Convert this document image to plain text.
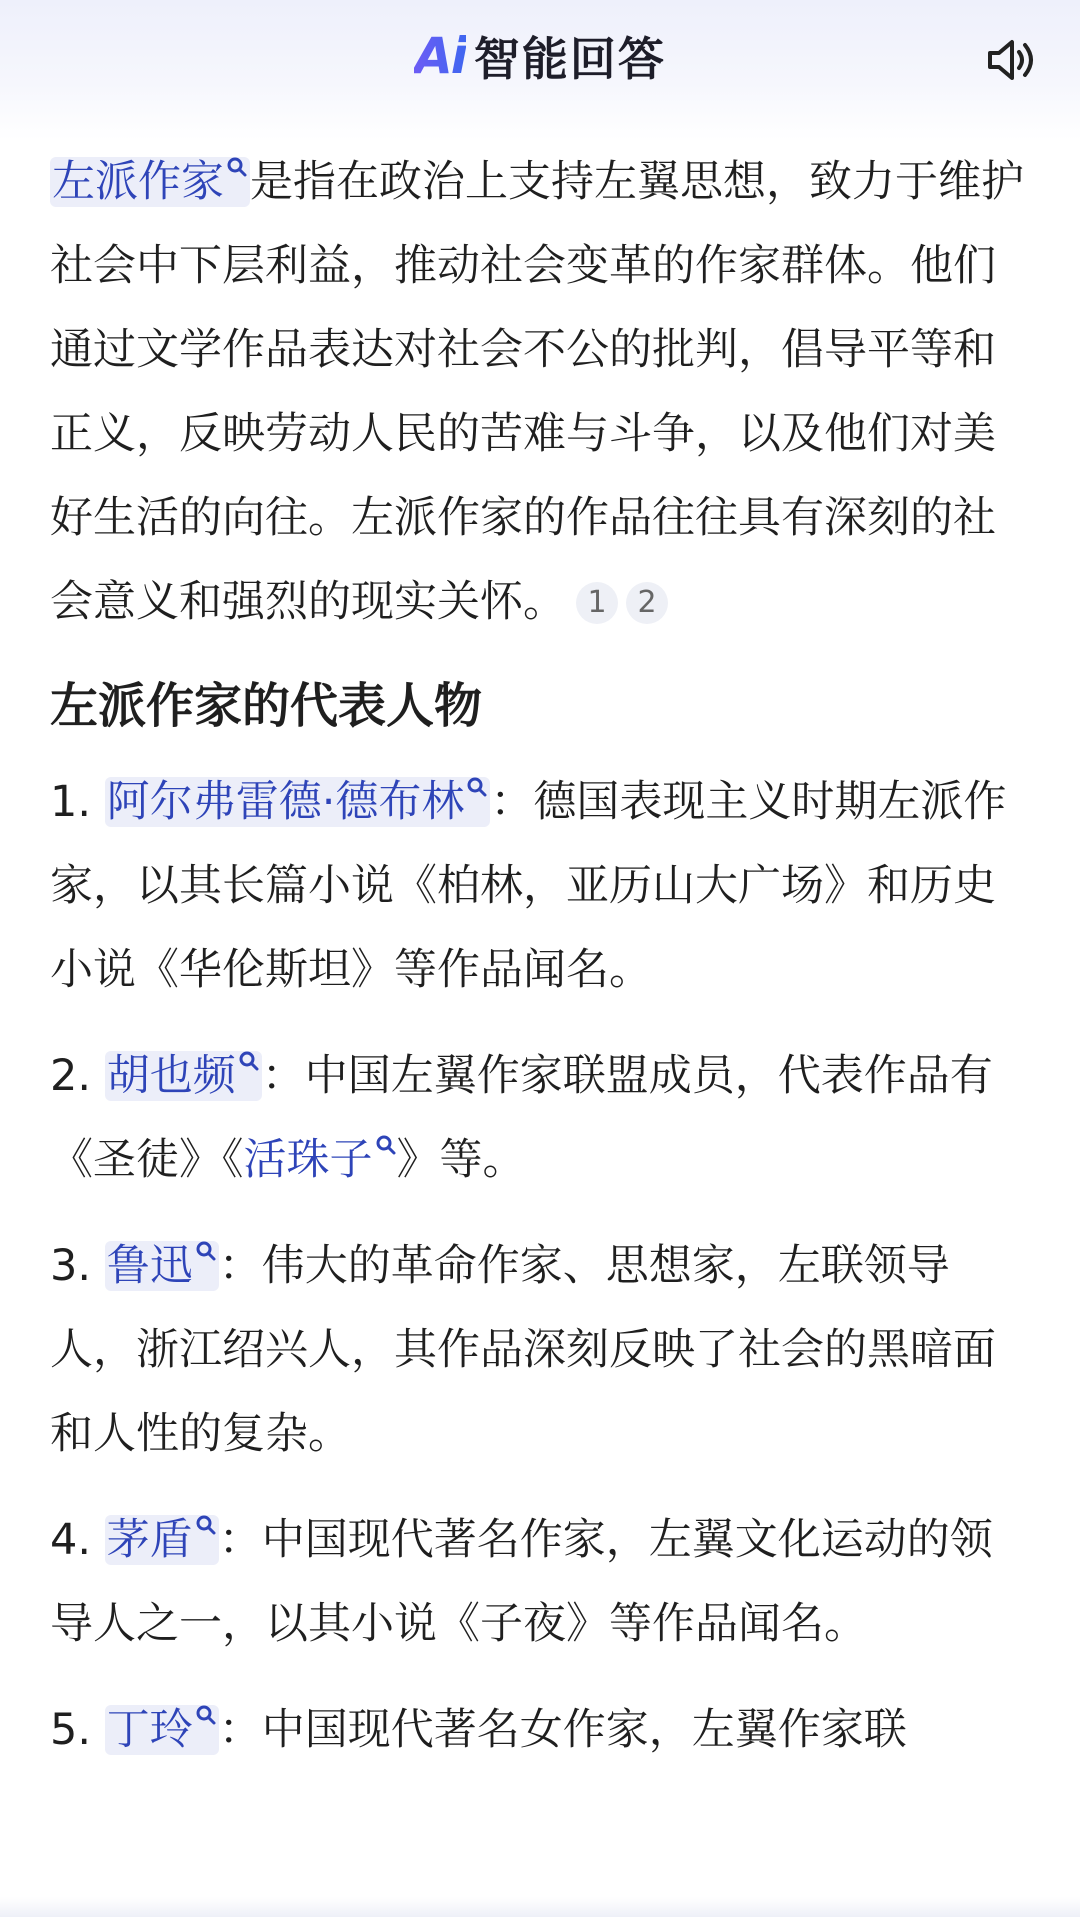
Ai 智能回答

左派作家 是指在政治上支持左翼思想，致力于维护社会中下层利益，推动社会变革的作家群体。他们通过文学作品表达对社会不公的批判，倡导平等和正义，反映劳动人民的苦难与斗争，以及他们对美好生活的向往。左派作家的作品往往具有深刻的社会意义和强烈的现实关怀。 1 2

左派作家的代表人物

1. 阿尔弗雷德·德布林 ：德国表现主义时期左派作家，以其长篇小说《柏林，亚历山大广场》和历史小说《华伦斯坦》等作品闻名。

2. 胡也频 ：中国左翼作家联盟成员，代表作品有《圣徒》《活珠子 》等。

3. 鲁迅 ：伟大的革命作家、思想家，左联领导人，浙江绍兴人，其作品深刻反映了社会的黑暗面和人性的复杂。

4. 茅盾 ：中国现代著名作家，左翼文化运动的领导人之一，以其小说《子夜》等作品闻名。

5. 丁玲 ：中国现代著名女作家，左翼作家联
